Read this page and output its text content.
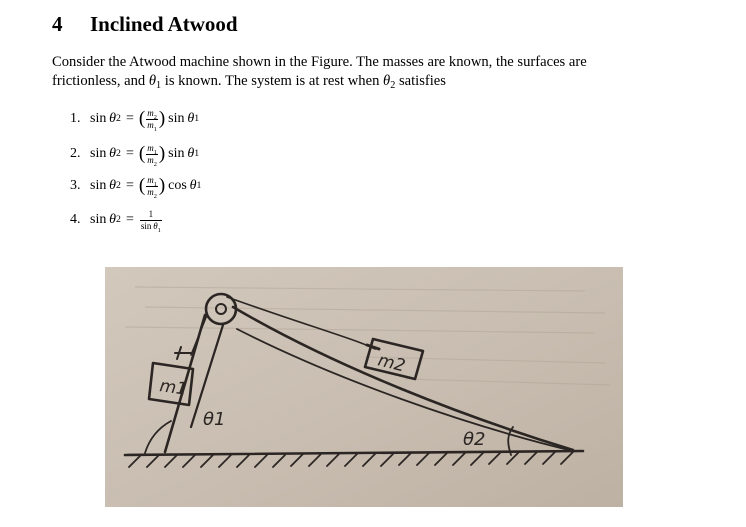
4 Inclined Atwood

Consider the Atwood machine shown in the Figure. The masses are known, the surfaces are
frictionless, and $\theta_1$ is known. The system is at rest when $\theta_2$ satisfies

1. sin
  θ 2 = ( $\frac{m_2}{m_1}$ ) sin
  θ 1
2. sin
  θ 2 = ( $\frac{m_1}{m_2}$ ) sin
  θ 1
3. sin
  θ 2 = ( $\frac{m_1}{m_2}$ ) cos
  θ 1
4. sin
  θ $2 = \frac{1}{\sin \theta_1}$
m1
m2
θ1
θ2
